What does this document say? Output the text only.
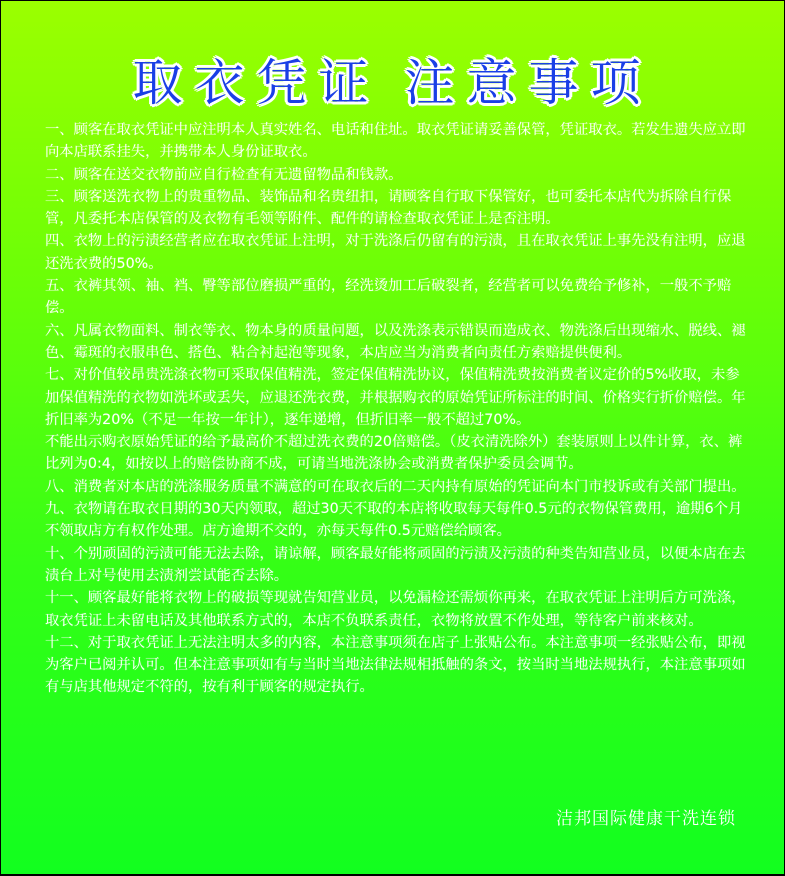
取衣凭证 注意事项

一、顾客在取衣凭证中应注明本人真实姓名、电话和住址。取衣凭证请妥善保管，凭证取衣。若发生遗失应立即向本店联系挂失，并携带本人身份证取衣。

二、顾客在送交衣物前应自行检查有无遗留物品和钱款。

三、顾客送洗衣物上的贵重物品、装饰品和名贵纽扣，请顾客自行取下保管好，也可委托本店代为拆除自行保管，凡委托本店保管的及衣物有毛领等附件、配件的请检查取衣凭证上是否注明。

四、衣物上的污渍经营者应在取衣凭证上注明，对于洗涤后仍留有的污渍，且在取衣凭证上事先没有注明，应退还洗衣费的50%。

五、衣裤其领、袖、裆、臀等部位磨损严重的，经洗烫加工后破裂者，经营者可以免费给予修补，一般不予赔偿。

六、凡属衣物面料、制衣等衣、物本身的质量问题，以及洗涤表示错误而造成衣、物洗涤后出现缩水、脱线、褪色、霉斑的衣服串色、搭色、粘合衬起泡等现象，本店应当为消费者向责任方索赔提供便利。

七、对价值较昂贵洗涤衣物可采取保值精洗，签定保值精洗协议，保值精洗费按消费者议定价的5%收取，未参加保值精洗的衣物如洗坏或丢失，应退还洗衣费，并根据购衣的原始凭证所标注的时间、价格实行折价赔偿。年折旧率为20%（不足一年按一年计），逐年递增，但折旧率一般不超过70%。

不能出示购衣原始凭证的给予最高价不超过洗衣费的20倍赔偿。（皮衣清洗除外）套装原则上以件计算，衣、裤比列为0:4，如按以上的赔偿协商不成，可请当地洗涤协会或消费者保护委员会调节。

八、消费者对本店的洗涤服务质量不满意的可在取衣后的二天内持有原始的凭证向本门市投诉或有关部门提出。

九、衣物请在取衣日期的30天内领取，超过30天不取的本店将收取每天每件0.5元的衣物保管费用，逾期6个月不领取店方有权作处理。店方逾期不交的，亦每天每件0.5元赔偿给顾客。

十、个别顽固的污渍可能无法去除，请谅解，顾客最好能将顽固的污渍及污渍的种类告知营业员，以便本店在去渍台上对号使用去渍剂尝试能否去除。

十一、顾客最好能将衣物上的破损等现就告知营业员，以免漏检还需烦你再来，在取衣凭证上注明后方可洗涤，取衣凭证上未留电话及其他联系方式的，本店不负联系责任，衣物将放置不作处理，等待客户前来核对。

十二、对于取衣凭证上无法注明太多的内容，本注意事项须在店子上张贴公布。本注意事项一经张贴公布，即视为客户已阅并认可。但本注意事项如有与当时当地法律法规相抵触的条文，按当时当地法规执行，本注意事项如有与店其他规定不符的，按有利于顾客的规定执行。

洁邦国际健康干洗连锁
